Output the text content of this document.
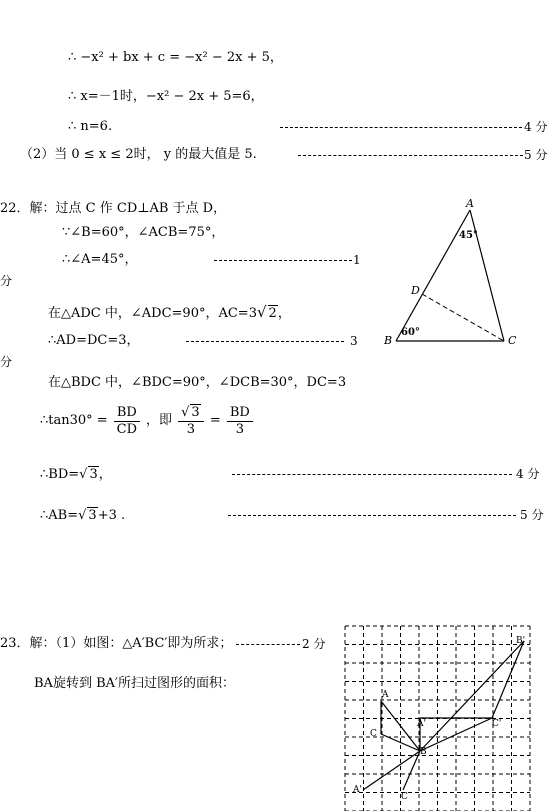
∴ −x² + bx + c = −x² − 2x + 5，
∴ x=－1时，−x² − 2x + 5=6，
∴ n=6.	4 分
（2）当 0 ≤ x ≤ 2时， y 的最大值是 5.	5 分
22．解：过点 C 作 CD⊥AB 于点 D，
∵∠B=60°，∠ACB=75°，
∴∠A=45°，	1
分
在△ADC 中，∠ADC=90°，AC=3√ 2，
∴AD=DC=3，	3
分
在△BDC 中，∠BDC=90°，∠DCB=30°，DC=3
∴tan30° = $\frac{BD}{CD}$ ，即 $\frac{√ 3}{3} = \frac{BD}{3}$
∴BD=√ 3，	4 分
∴AB=√ 3+3 .	5 分
A
B	C
D
45°
60°
23．解：（1）如图：△A′BC′即为所求；	2 分
BA旋转到 BA′所扫过图形的面积：
A
B
C
A'	C'
B'
A'
C
